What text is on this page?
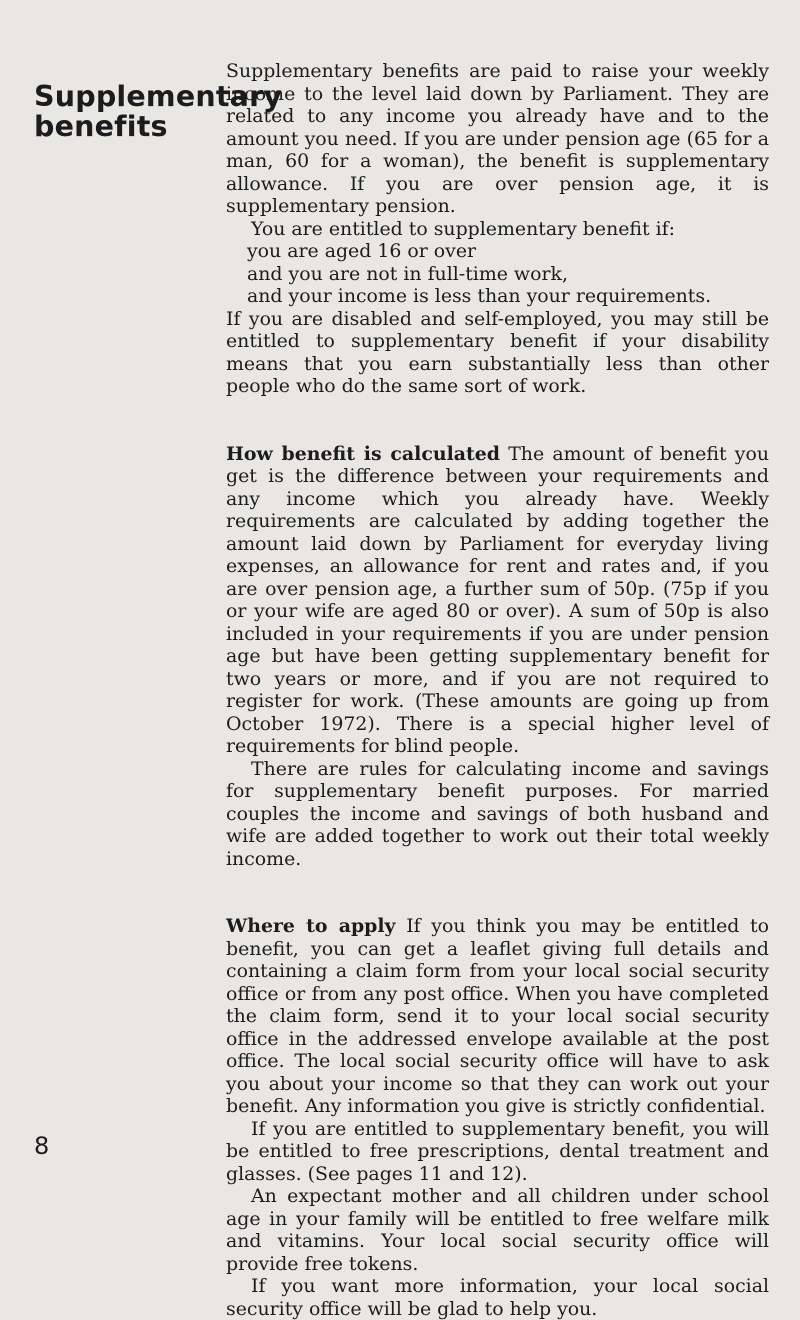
Supplementary
benefits
8

Supplementary benefits are paid to raise your weekly income to the level laid down by Parliament. They are related to any income you already have and to the amount you need. If you are under pension age (65 for a man, 60 for a woman), the benefit is supplementary allowance. If you are over pension age, it is supplementary pension.

You are entitled to supplementary benefit if:

you are aged 16 or over

and you are not in full-time work,

and your income is less than your requirements.

If you are disabled and self-employed, you may still be entitled to supplementary benefit if your disability means that you earn substantially less than other people who do the same sort of work.

How benefit is calculated The amount of benefit you get is the difference between your requirements and any income which you already have. Weekly requirements are calculated by adding together the amount laid down by Parliament for everyday living expenses, an allowance for rent and rates and, if you are over pension age, a further sum of 50p. (75p if you or your wife are aged 80 or over). A sum of 50p is also included in your requirements if you are under pension age but have been getting supplementary benefit for two years or more, and if you are not required to register for work. (These amounts are going up from October 1972). There is a special higher level of requirements for blind people.

There are rules for calculating income and savings for supplementary benefit purposes. For married couples the income and savings of both husband and wife are added together to work out their total weekly income.

Where to apply If you think you may be entitled to benefit, you can get a leaflet giving full details and containing a claim form from your local social security office or from any post office. When you have completed the claim form, send it to your local social security office in the addressed envelope available at the post office. The local social security office will have to ask you about your income so that they can work out your benefit. Any information you give is strictly confidential.

If you are entitled to supplementary benefit, you will be entitled to free prescriptions, dental treatment and glasses. (See pages 11 and 12).

An expectant mother and all children under school age in your family will be entitled to free welfare milk and vitamins. Your local social security office will provide free tokens.

If you want more information, your local social security office will be glad to help you.
